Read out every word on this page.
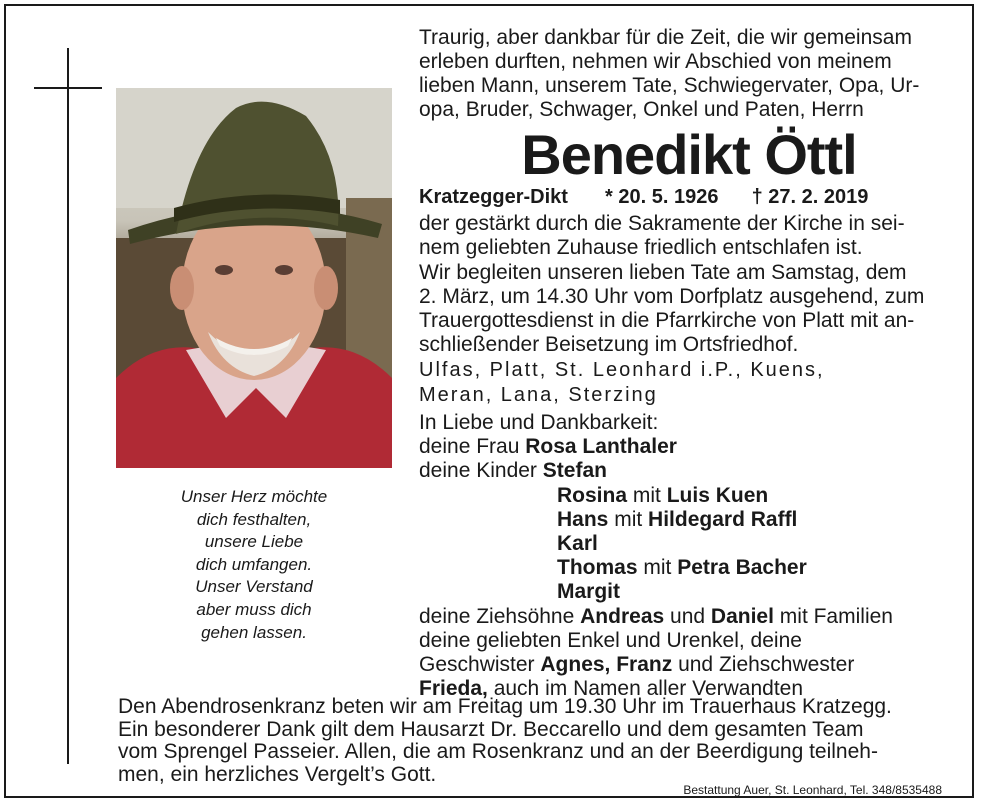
Unser Herz möchte
dich festhalten,
unsere Liebe
dich umfangen.
Unser Verstand
aber muss dich
gehen lassen.
Traurig, aber dankbar für die Zeit, die wir gemeinsam
erleben durften, nehmen wir Abschied von meinem
lieben Mann, unserem Tate, Schwiegervater, Opa, Ur-
opa, Bruder, Schwager, Onkel und Paten, Herrn
Benedikt Öttl
Kratzegger-Dikt * 20. 5. 1926 † 27. 2. 2019
der gestärkt durch die Sakramente der Kirche in sei-
nem geliebten Zuhause friedlich entschlafen ist.
Wir begleiten unseren lieben Tate am Samstag, dem
2. März, um 14.30 Uhr vom Dorfplatz ausgehend, zum
Trauergottesdienst in die Pfarrkirche von Platt mit an-
schließender Beisetzung im Ortsfriedhof.
Ulfas, Platt, St. Leonhard i.P., Kuens,
Meran, Lana, Sterzing
In Liebe und Dankbarkeit:
deine Frau Rosa Lanthaler
deine Kinder Stefan
Rosina mit Luis Kuen
Hans mit Hildegard Raffl
Karl
Thomas mit Petra Bacher
Margit
deine Ziehsöhne Andreas und Daniel mit Familien
deine geliebten Enkel und Urenkel, deine
Geschwister Agnes, Franz und Ziehschwester
Frieda, auch im Namen aller Verwandten
Den Abendrosenkranz beten wir am Freitag um 19.30 Uhr im Trauerhaus Kratzegg.
Ein besonderer Dank gilt dem Hausarzt Dr. Beccarello und dem gesamten Team
vom Sprengel Passeier. Allen, die am Rosenkranz und an der Beerdigung teilneh-
men, ein herzliches Vergelt’s Gott.
Bestattung Auer, St. Leonhard, Tel. 348/8535488
